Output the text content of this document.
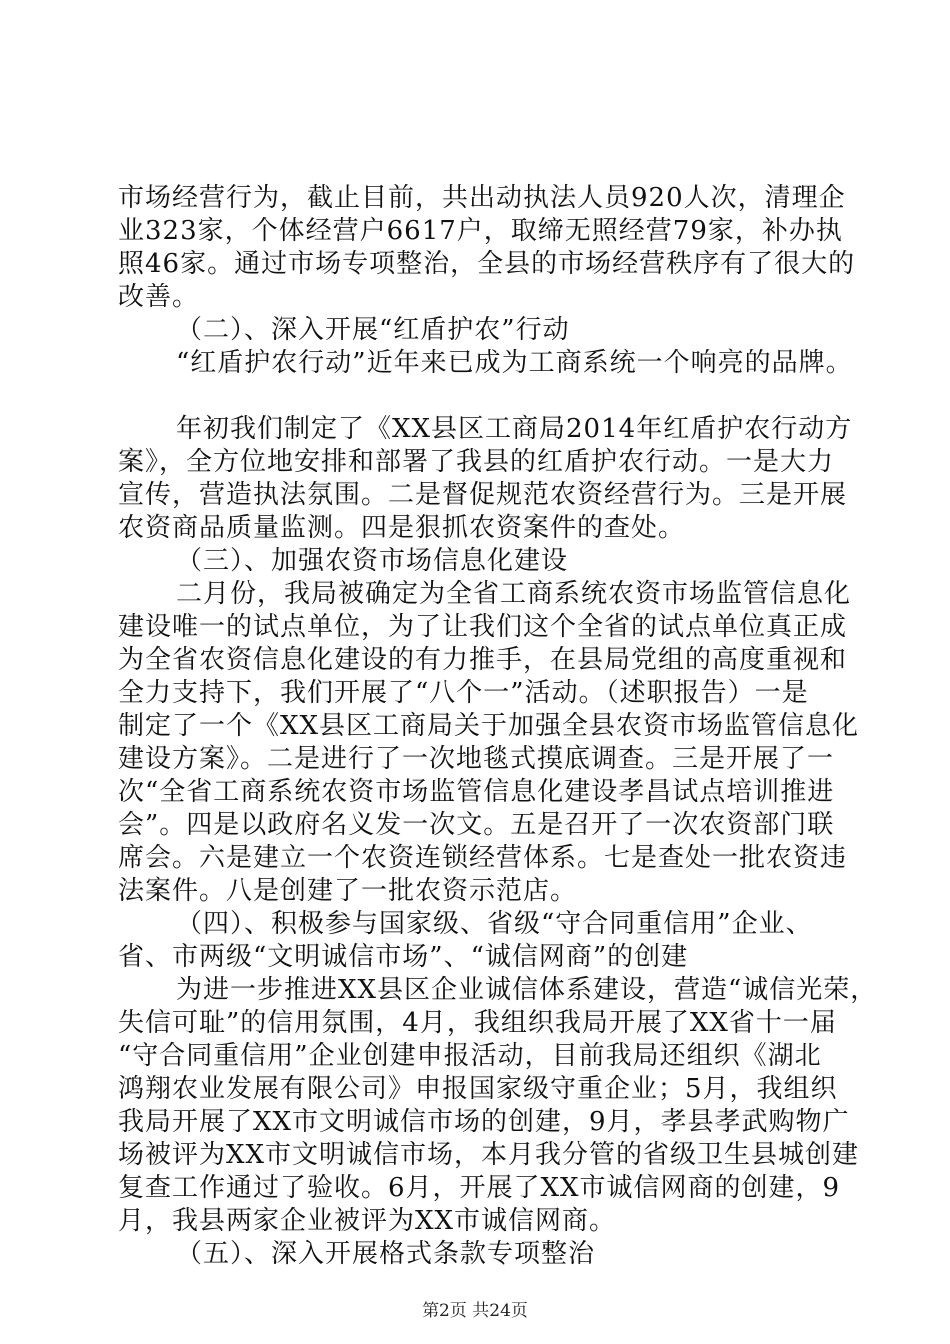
市场经营行为，截止目前，共出动执法人员920人次，清理企
业323家，个体经营户6617户，取缔无照经营79家，补办执
照46家。通过市场专项整治，全县的市场经营秩序有了很大的
改善。
（二）、深入开展“红盾护农”行动
“红盾护农行动”近年来已成为工商系统一个响亮的品牌。
年初我们制定了《XX县区工商局2014年红盾护农行动方
案》，全方位地安排和部署了我县的红盾护农行动。一是大力
宣传，营造执法氛围。二是督促规范农资经营行为。三是开展
农资商品质量监测。四是狠抓农资案件的查处。
（三）、加强农资市场信息化建设
二月份，我局被确定为全省工商系统农资市场监管信息化
建设唯一的试点单位，为了让我们这个全省的试点单位真正成
为全省农资信息化建设的有力推手，在县局党组的高度重视和
全力支持下，我们开展了“八个一”活动。（述职报告）一是
制定了一个《XX县区工商局关于加强全县农资市场监管信息化
建设方案》。二是进行了一次地毯式摸底调查。三是开展了一
次“全省工商系统农资市场监管信息化建设孝昌试点培训推进
会”。四是以政府名义发一次文。五是召开了一次农资部门联
席会。六是建立一个农资连锁经营体系。七是查处一批农资违
法案件。八是创建了一批农资示范店。
（四）、积极参与国家级、省级“守合同重信用”企业、
省、市两级“文明诚信市场”、“诚信网商”的创建
为进一步推进XX县区企业诚信体系建设，营造“诚信光荣，
失信可耻”的信用氛围，4月，我组织我局开展了XX省十一届
“守合同重信用”企业创建申报活动，目前我局还组织《湖北
鸿翔农业发展有限公司》申报国家级守重企业；5月，我组织
我局开展了XX市文明诚信市场的创建，9月，孝县孝武购物广
场被评为XX市文明诚信市场，本月我分管的省级卫生县城创建
复查工作通过了验收。6月，开展了XX市诚信网商的创建，9
月，我县两家企业被评为XX市诚信网商。
（五）、深入开展格式条款专项整治
第2页 共24页
